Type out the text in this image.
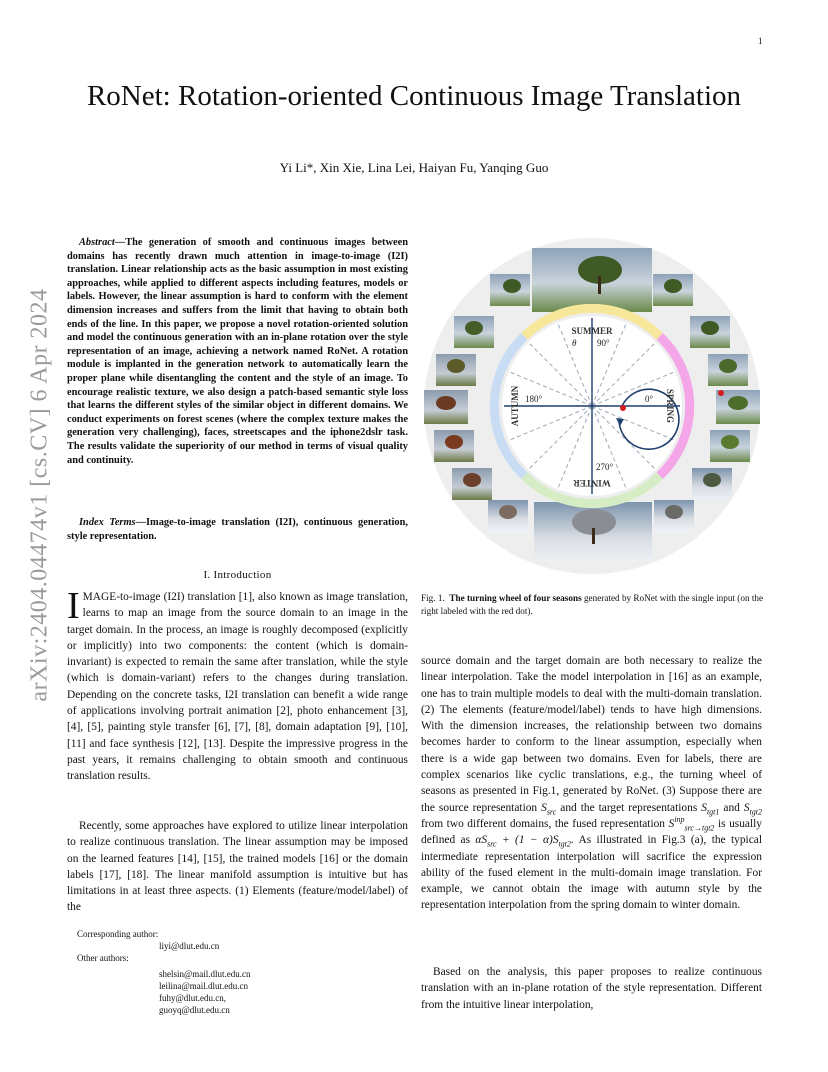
1
arXiv:2404.04474v1 [cs.CV] 6 Apr 2024
RoNet: Rotation-oriented Continuous Image Translation
Yi Li*, Xin Xie, Lina Lei, Haiyan Fu, Yanqing Guo
Abstract—The generation of smooth and continuous images between domains has recently drawn much attention in image-to-image (I2I) translation. Linear relationship acts as the basic assumption in most existing approaches, while applied to different aspects including features, models or labels. However, the linear assumption is hard to conform with the element dimension increases and suffers from the limit that having to obtain both ends of the line. In this paper, we propose a novel rotation-oriented solution and model the continuous generation with an in-plane rotation over the style representation of an image, achieving a network named RoNet. A rotation module is implanted in the generation network to automatically learn the proper plane while disentangling the content and the style of an image. To encourage realistic texture, we also design a patch-based semantic style loss that learns the different styles of the similar object in different domains. We conduct experiments on forest scenes (where the complex texture makes the generation very challenging), faces, streetscapes and the iphone2dslr task. The results validate the superiority of our method in terms of visual quality and continuity.
Index Terms—Image-to-image translation (I2I), continuous generation, style representation.
I. Introduction
IMAGE-to-image (I2I) translation [1], also known as image translation, learns to map an image from the source domain to an image in the target domain. In the process, an image is roughly decomposed (explicitly or implicitly) into two components: the content (which is domain-invariant) is expected to remain the same after translation, while the style (which is domain-variant) refers to the changes during translation. Depending on the concrete tasks, I2I translation can benefit a wide range of applications involving portrait animation [2], photo enhancement [3], [4], [5], painting style transfer [6], [7], [8], domain adaptation [9], [10], [11] and face synthesis [12], [13]. Despite the impressive progress in the past years, it remains challenging to obtain smooth and continuous translation results.
Recently, some approaches have explored to utilize linear interpolation to realize continuous translation. The linear assumption may be imposed on the learned features [14], [15], the trained models [16] or the domain labels [17], [18]. The linear manifold assumption is intuitive but has limitations in at least three aspects. (1) Elements (feature/model/label) of the
Corresponding author:
liyi@dlut.edu.cn
Other authors:
shelsin@mail.dlut.edu.cn
leilina@mail.dlut.edu.cn
fuhy@dlut.edu.cn,
guoyq@dlut.edu.cn
SUMMER
SPRING
WINTER
AUTUMN
θ 90°
0°
180°
270°
Fig. 1. The turning wheel of four seasons generated by RoNet with the single input (on the right labeled with the red dot).
source domain and the target domain are both necessary to realize the linear interpolation. Take the model interpolation in [16] as an example, one has to train multiple models to deal with the multi-domain translation. (2) The elements (feature/model/label) tends to have high dimensions. With the dimension increases, the relationship between two domains becomes harder to conform to the linear assumption, especially when there is a wide gap between two domains. Even for labels, there are complex scenarios like cyclic translations, e.g., the turning wheel of seasons as presented in Fig.1, generated by RoNet. (3) Suppose there are the source representation $S_{src}$ and the target representations $S_{tgt1}$ and $S_{tgt2}$ from two different domains, the fused representation $S^{inp}_{src\to tgt2}$ is usually defined as $\alpha S_{src} + (1 - \alpha)S_{tgt2}$. As illustrated in Fig.3 (a), the typical intermediate representation interpolation will sacrifice the expression ability of the fused element in the multi-domain image translation. For example, we cannot obtain the image with autumn style by the representation interpolation from the spring domain to winter domain.
Based on the analysis, this paper proposes to realize continuous translation with an in-plane rotation of the style representation. Different from the intuitive linear interpolation,
